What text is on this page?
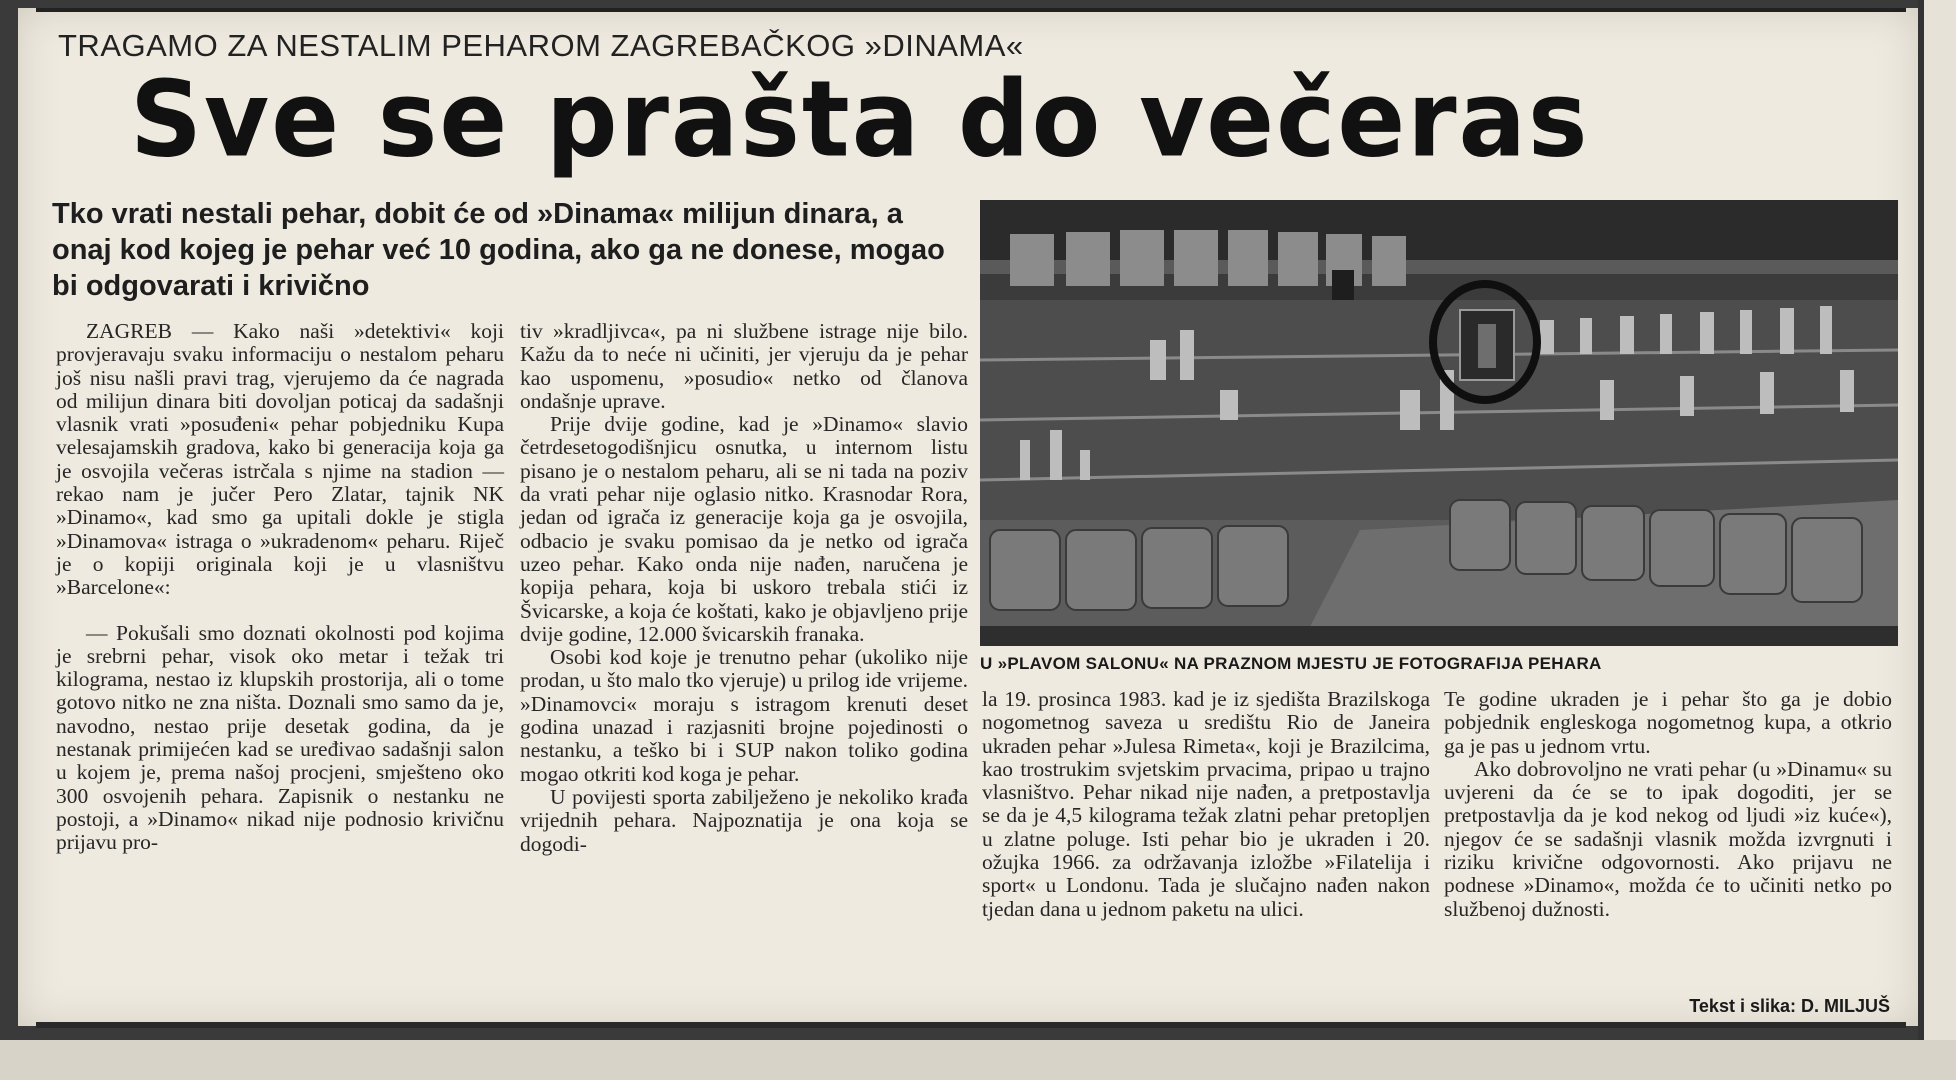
TRAGAMO ZA NESTALIM PEHAROM ZAGREBAČKOG »DINAMA«
Sve se prašta do večeras
Tko vrati nestali pehar, dobit će od »Dinama« milijun dinara, a onaj kod kojeg je pehar već 10 godina, ako ga ne donese, mogao bi odgovarati i krivično

ZAGREB — Kako naši »detektivi« koji provjeravaju svaku informaciju o nestalom peharu još nisu našli pravi trag, vjerujemo da će nagrada od milijun dinara biti dovoljan poticaj da sadašnji vlasnik vrati »posuđeni« pehar pobjedniku Kupa velesajamskih gradova, kako bi generacija koja ga je osvojila večeras istrčala s njime na stadion — rekao nam je jučer Pero Zlatar, tajnik NK »Dinamo«, kad smo ga upitali dokle je stigla »Dinamova« istraga o »ukradenom« peharu. Riječ je o kopiji originala koji je u vlasništvu »Barcelone«:

— Pokušali smo doznati okolnosti pod kojima je srebrni pehar, visok oko metar i težak tri kilograma, nestao iz klupskih prostorija, ali o tome gotovo nitko ne zna ništa. Doznali smo samo da je, navodno, nestao prije desetak godina, da je nestanak primijećen kad se uređivao sadašnji salon u kojem je, prema našoj procjeni, smješteno oko 300 osvojenih pehara. Zapisnik o nestanku ne postoji, a »Dinamo« nikad nije podnosio krivičnu prijavu pro-

tiv »kradljivca«, pa ni službene istrage nije bilo. Kažu da to neće ni učiniti, jer vjeruju da je pehar kao uspomenu, »posudio« netko od članova ondašnje uprave.

Prije dvije godine, kad je »Dinamo« slavio četrdesetogodišnjicu osnutka, u internom listu pisano je o nestalom peharu, ali se ni tada na poziv da vrati pehar nije oglasio nitko. Krasnodar Rora, jedan od igrača iz generacije koja ga je osvojila, odbacio je svaku pomisao da je netko od igrača uzeo pehar. Kako onda nije nađen, naručena je kopija pehara, koja bi uskoro trebala stići iz Švicarske, a koja će koštati, kako je objavljeno prije dvije godine, 12.000 švicarskih franaka.

Osobi kod koje je trenutno pehar (ukoliko nije prodan, u što malo tko vjeruje) u prilog ide vrijeme. »Dinamovci« moraju s istragom krenuti deset godina unazad i razjasniti brojne pojedinosti o nestanku, a teško bi i SUP nakon toliko godina mogao otkriti kod koga je pehar.

U povijesti sporta zabilježeno je nekoliko krađa vrijednih pehara. Najpoznatija je ona koja se dogodi-

U »PLAVOM SALONU« NA PRAZNOM MJESTU JE FOTOGRAFIJA PEHARA

la 19. prosinca 1983. kad je iz sjedišta Brazilskoga nogometnog saveza u središtu Rio de Janeira ukraden pehar »Julesa Rimeta«, koji je Brazilcima, kao trostrukim svjetskim prvacima, pripao u trajno vlasništvo. Pehar nikad nije nađen, a pretpostavlja se da je 4,5 kilograma težak zlatni pehar pretopljen u zlatne poluge. Isti pehar bio je ukraden i 20. ožujka 1966. za održavanja izložbe »Filatelija i sport« u Londonu. Tada je slučajno nađen nakon tjedan dana u jednom paketu na ulici.

Te godine ukraden je i pehar što ga je dobio pobjednik engleskoga nogometnog kupa, a otkrio ga je pas u jednom vrtu.

Ako dobrovoljno ne vrati pehar (u »Dinamu« su uvjereni da će se to ipak dogoditi, jer se pretpostavlja da je kod nekog od ljudi »iz kuće«), njegov će se sadašnji vlasnik možda izvrgnuti i riziku krivične odgovornosti. Ako prijavu ne podnese »Dinamo«, možda će to učiniti netko po službenoj dužnosti.

Tekst i slika: D. MILJUŠ
